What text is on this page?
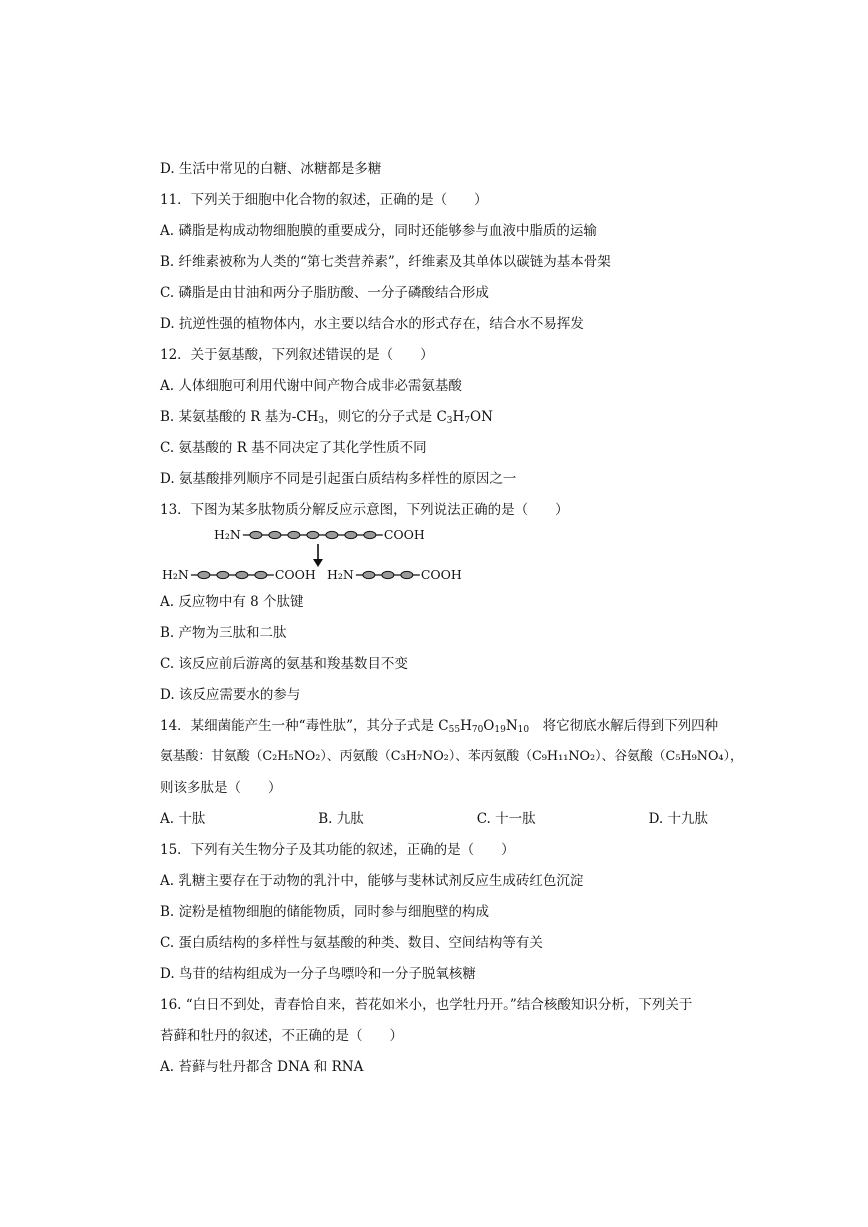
D. 生活中常见的白糖、冰糖都是多糖
11．下列关于细胞中化合物的叙述，正确的是（　　）
A. 磷脂是构成动物细胞膜的重要成分，同时还能够参与血液中脂质的运输
B. 纤维素被称为人类的“第七类营养素”，纤维素及其单体以碳链为基本骨架
C. 磷脂是由甘油和两分子脂肪酸、一分子磷酸结合形成
D. 抗逆性强的植物体内，水主要以结合水的形式存在，结合水不易挥发
12．关于氨基酸，下列叙述错误的是（　　）
A. 人体细胞可利用代谢中间产物合成非必需氨基酸
B. 某氨基酸的 R 基为$-CH_3$，则它的分子式是 $C_3H_7ON$
C. 氨基酸的 R 基不同决定了其化学性质不同
D. 氨基酸排列顺序不同是引起蛋白质结构多样性的原因之一
13．下图为某多肽物质分解反应示意图，下列说法正确的是（　　）
H₂N	COOH
H₂N	COOH H₂N	COOH
A. 反应物中有 8 个肽键
B. 产物为三肽和二肽
C. 该反应前后游离的氨基和羧基数目不变
D. 该反应需要水的参与
14．某细菌能产生一种“毒性肽”，其分子式是 $C_{55}H_{70}O_{19}N_{10}$　将它彻底水解后得到下列四种
氨基酸：甘氨酸（C₂H₅NO₂）、丙氨酸（C₃H₇NO₂）、苯丙氨酸（C₉H₁₁NO₂）、谷氨酸（C₅H₉NO₄），
则该多肽是（　　）
A. 十肽	B. 九肽	C. 十一肽	D. 十九肽
15．下列有关生物分子及其功能的叙述，正确的是（　　）
A. 乳糖主要存在于动物的乳汁中，能够与斐林试剂反应生成砖红色沉淀
B. 淀粉是植物细胞的储能物质，同时参与细胞壁的构成
C. 蛋白质结构的多样性与氨基酸的种类、数目、空间结构等有关
D. 鸟苷的结构组成为一分子鸟嘌呤和一分子脱氧核糖
16. “白日不到处，青春恰自来，苔花如米小，也学牡丹开。”结合核酸知识分析，下列关于
苔藓和牡丹的叙述，不正确的是（　　）
A. 苔藓与牡丹都含 DNA 和 RNA
